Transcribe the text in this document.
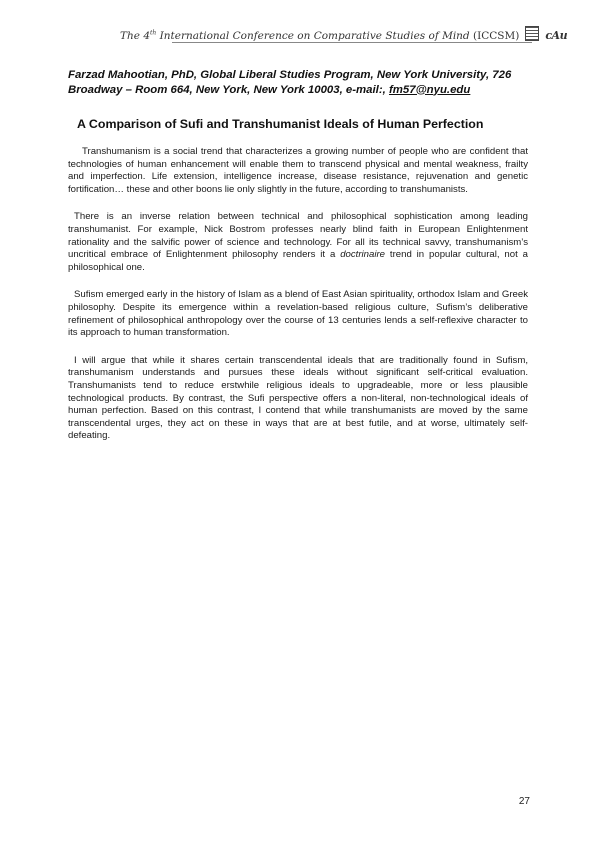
The 4th International Conference on Comparative Studies of Mind (ICCSM) cAu
Farzad Mahootian, PhD, Global Liberal Studies Program, New York University, 726 Broadway – Room 664, New York, New York 10003, e-mail:, fm57@nyu.edu
A Comparison of Sufi and Transhumanist Ideals of Human Perfection

Transhumanism is a social trend that characterizes a growing number of people who are confident that technologies of human enhancement will enable them to transcend physical and mental weakness, frailty and imperfection. Life extension, intelligence increase, disease resistance, rejuvenation and genetic fortification… these and other boons lie only slightly in the future, according to transhumanists.

There is an inverse relation between technical and philosophical sophistication among leading transhumanist. For example, Nick Bostrom professes nearly blind faith in European Enlightenment rationality and the salvific power of science and technology. For all its technical savvy, transhumanism’s uncritical embrace of Enlightenment philosophy renders it a doctrinaire trend in popular cultural, not a philosophical one.

Sufism emerged early in the history of Islam as a blend of East Asian spirituality, orthodox Islam and Greek philosophy. Despite its emergence within a revelation-based religious culture, Sufism’s deliberative refinement of philosophical anthropology over the course of 13 centuries lends a self-reflexive character to its approach to human transformation.

I will argue that while it shares certain transcendental ideals that are traditionally found in Sufism, transhumanism understands and pursues these ideals without significant self-critical evaluation. Transhumanists tend to reduce erstwhile religious ideals to upgradeable, more or less plausible technological products. By contrast, the Sufi perspective offers a non-literal, non-technological ideals of human perfection. Based on this contrast, I contend that while transhumanists are moved by the same transcendental urges, they act on these in ways that are at best futile, and at worse, ultimately self-defeating.

27
